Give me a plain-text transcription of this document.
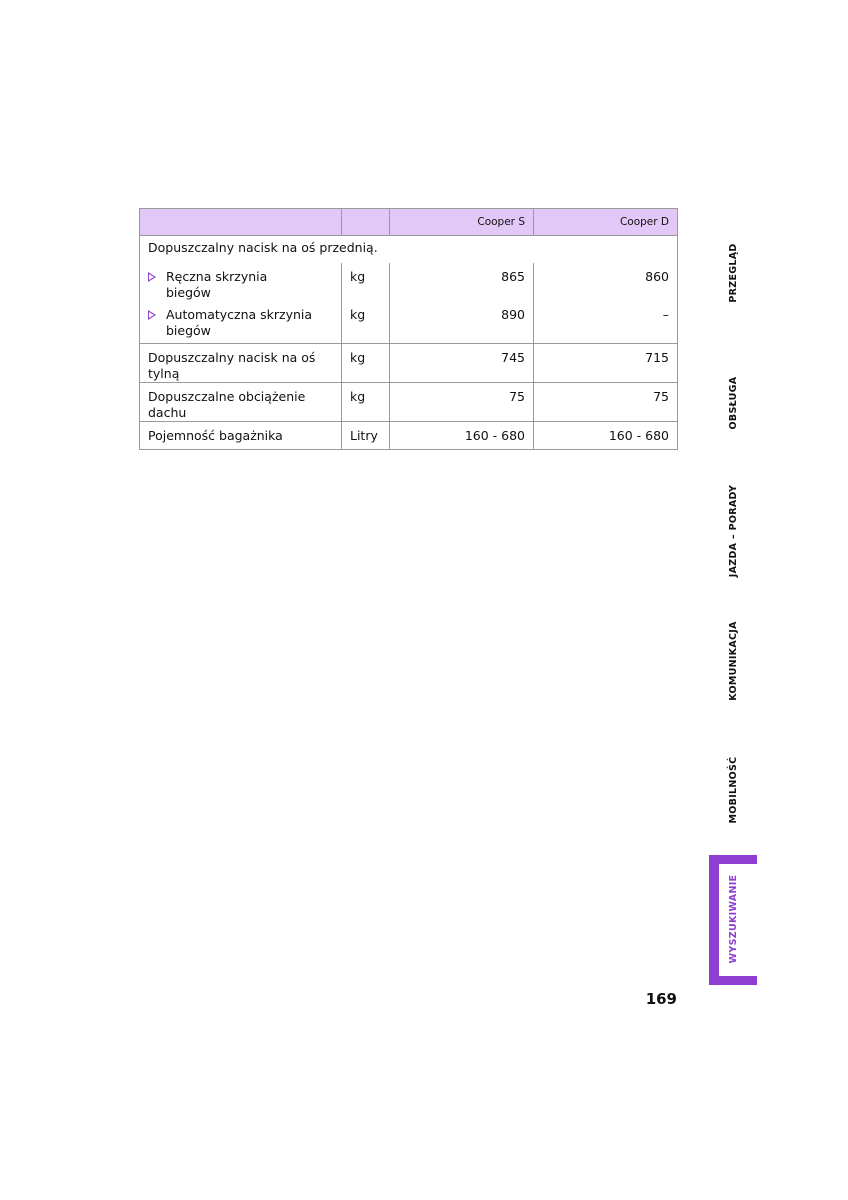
		Cooper S	Cooper D
Dopuszczalny nacisk na oś przednią.			
Ręczna skrzynia biegów	kg	865	860
Automatyczna skrzynia biegów	kg	890	–
Dopuszczalny nacisk na oś tylną	kg	745	715
Dopuszczalne obciążenie dachu	kg	75	75
Pojemność bagażnika	Litry	160 - 680	160 - 680
PRZEGLĄD
OBSŁUGA
JAZDA – PORADY
KOMUNIKACJA
MOBILNOŚĆ
WYSZUKIWANIE
169
